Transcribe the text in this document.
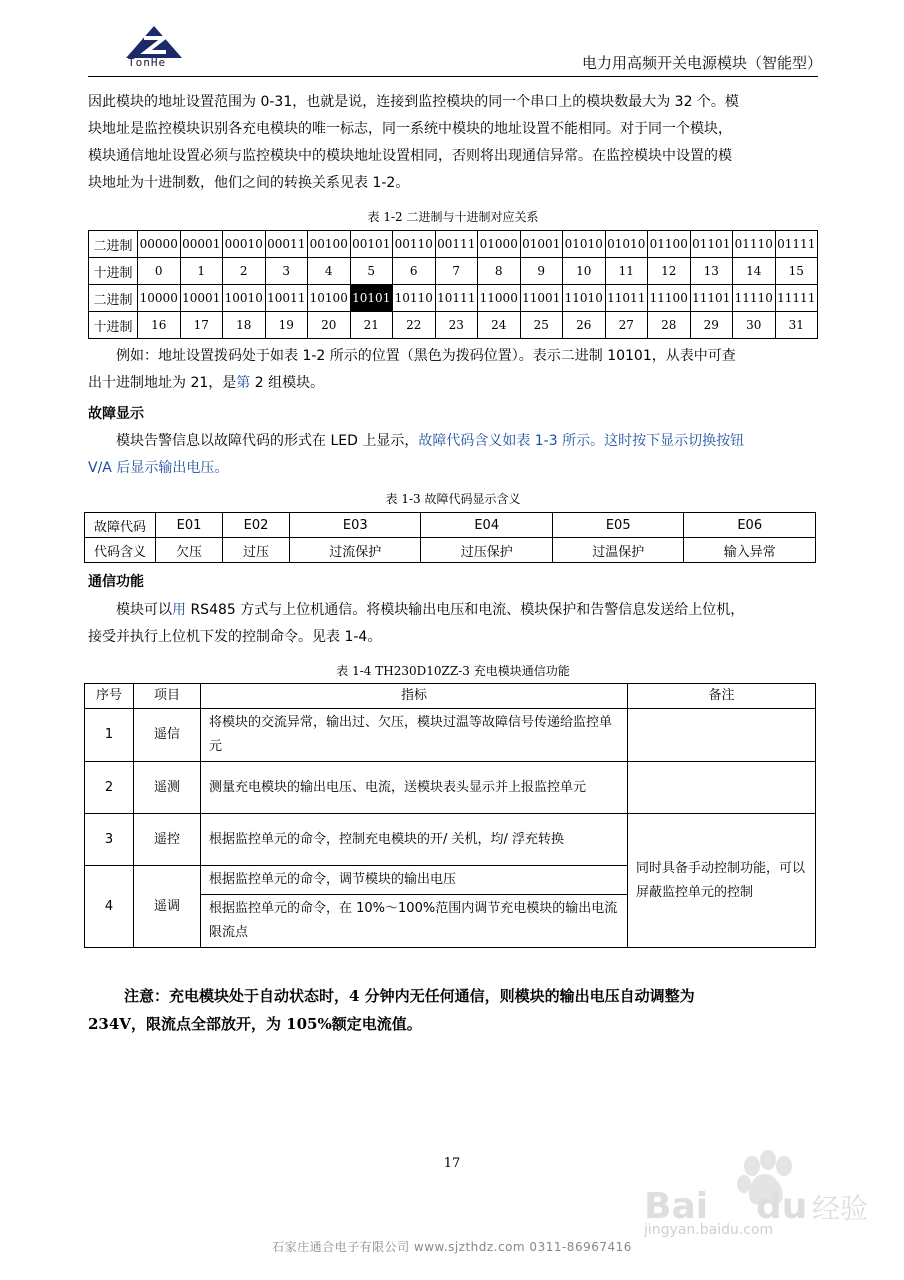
TonHe	电力用高频开关电源模块（智能型）
因此模块的地址设置范围为 0-31，也就是说，连接到监控模块的同一个串口上的模块数最大为 32 个。模
块地址是监控模块识别各充电模块的唯一标志，同一系统中模块的地址设置不能相同。对于同一个模块，
模块通信地址设置必须与监控模块中的模块地址设置相同，否则将出现通信异常。在监控模块中设置的模
块地址为十进制数，他们之间的转换关系见表 1-2。
表 1-2 二进制与十进制对应关系
二进制	00000	00001	00010	00011	00100	00101	00110	00111	01000	01001	01010	01010	01100	01101	01110	01111
十进制	0	1	2	3	4	5	6	7	8	9	10	11	12	13	14	15
二进制	10000	10001	10010	10011	10100	10101	10110	10111	11000	11001	11010	11011	11100	11101	11110	11111
十进制	16	17	18	19	20	21	22	23	24	25	26	27	28	29	30	31
例如：地址设置拨码处于如表 1-2 所示的位置（黑色为拨码位置）。表示二进制 10101，从表中可查
出十进制地址为 21，是第 2 组模块。
故障显示
模块告警信息以故障代码的形式在 LED 上显示，故障代码含义如表 1-3 所示。这时按下显示切换按钮
V/A 后显示输出电压。
表 1-3 故障代码显示含义
故障代码	E01	E02	E03	E04	E05	E06
代码含义	欠压	过压	过流保护	过压保护	过温保护	输入异常
通信功能
模块可以用 RS485 方式与上位机通信。将模块输出电压和电流、模块保护和告警信息发送给上位机，
接受并执行上位机下发的控制命令。见表 1-4。
表 1-4 TH230D10ZZ-3 充电模块通信功能
序号	项目	指标	备注
1	遥信	将模块的交流异常，输出过、欠压，模块过温等故障信号传递给监控单元	
2	遥测	测量充电模块的输出电压、电流，送模块表头显示并上报监控单元	
3	遥控	根据监控单元的命令，控制充电模块的开/ 关机，均/ 浮充转换	同时具备手动控制功能，可以屏蔽监控单元的控制
4	遥调	根据监控单元的命令，调节模块的输出电压	
		根据监控单元的命令，在 10%～100%范围内调节充电模块的输出电流限流点	
注意：充电模块处于自动状态时，4 分钟内无任何通信，则模块的输出电压自动调整为
234V，限流点全部放开，为 105%额定电流值。
17
Bai du 经验
jingyan.baidu.com
石家庄通合电子有限公司 www.sjzthdz.com 0311-86967416
